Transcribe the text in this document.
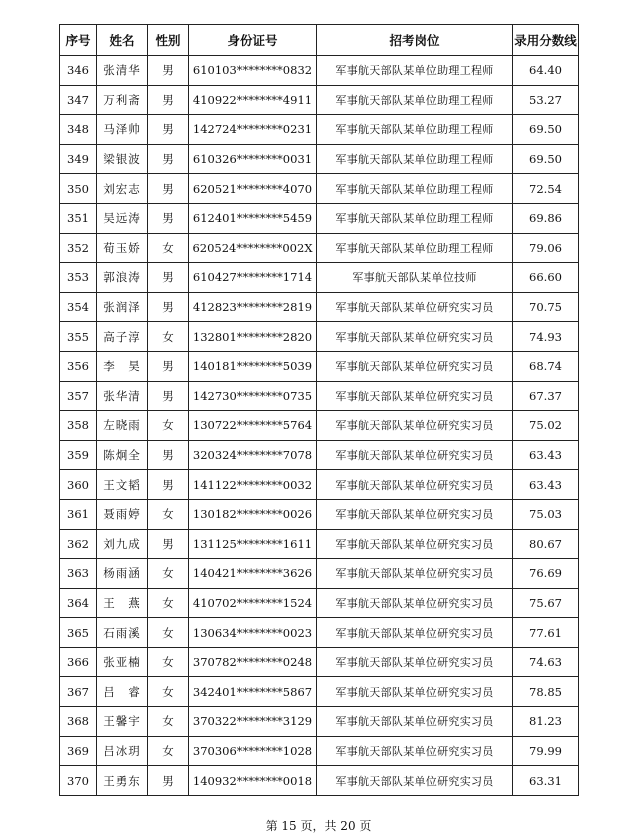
序号	姓名	性别	身份证号	招考岗位	录用分数线
346	张清华	男	610103********0832	军事航天部队某单位助理工程师	64.40
347	万利斋	男	410922********4911	军事航天部队某单位助理工程师	53.27
348	马泽帅	男	142724********0231	军事航天部队某单位助理工程师	69.50
349	梁银波	男	610326********0031	军事航天部队某单位助理工程师	69.50
350	刘宏志	男	620521********4070	军事航天部队某单位助理工程师	72.54
351	吴远涛	男	612401********5459	军事航天部队某单位助理工程师	69.86
352	荀玉娇	女	620524********002X	军事航天部队某单位助理工程师	79.06
353	郭浪涛	男	610427********1714	军事航天部队某单位技师	66.60
354	张润泽	男	412823********2819	军事航天部队某单位研究实习员	70.75
355	高子淳	女	132801********2820	军事航天部队某单位研究实习员	74.93
356	李　昊	男	140181********5039	军事航天部队某单位研究实习员	68.74
357	张华清	男	142730********0735	军事航天部队某单位研究实习员	67.37
358	左晓雨	女	130722********5764	军事航天部队某单位研究实习员	75.02
359	陈炯全	男	320324********7078	军事航天部队某单位研究实习员	63.43
360	王文韬	男	141122********0032	军事航天部队某单位研究实习员	63.43
361	聂雨婷	女	130182********0026	军事航天部队某单位研究实习员	75.03
362	刘九成	男	131125********1611	军事航天部队某单位研究实习员	80.67
363	杨雨涵	女	140421********3626	军事航天部队某单位研究实习员	76.69
364	王　燕	女	410702********1524	军事航天部队某单位研究实习员	75.67
365	石雨溪	女	130634********0023	军事航天部队某单位研究实习员	77.61
366	张亚楠	女	370782********0248	军事航天部队某单位研究实习员	74.63
367	吕　睿	女	342401********5867	军事航天部队某单位研究实习员	78.85
368	王馨宇	女	370322********3129	军事航天部队某单位研究实习员	81.23
369	吕冰玥	女	370306********1028	军事航天部队某单位研究实习员	79.99
370	王勇东	男	140932********0018	军事航天部队某单位研究实习员	63.31
第 15 页，共 20 页
